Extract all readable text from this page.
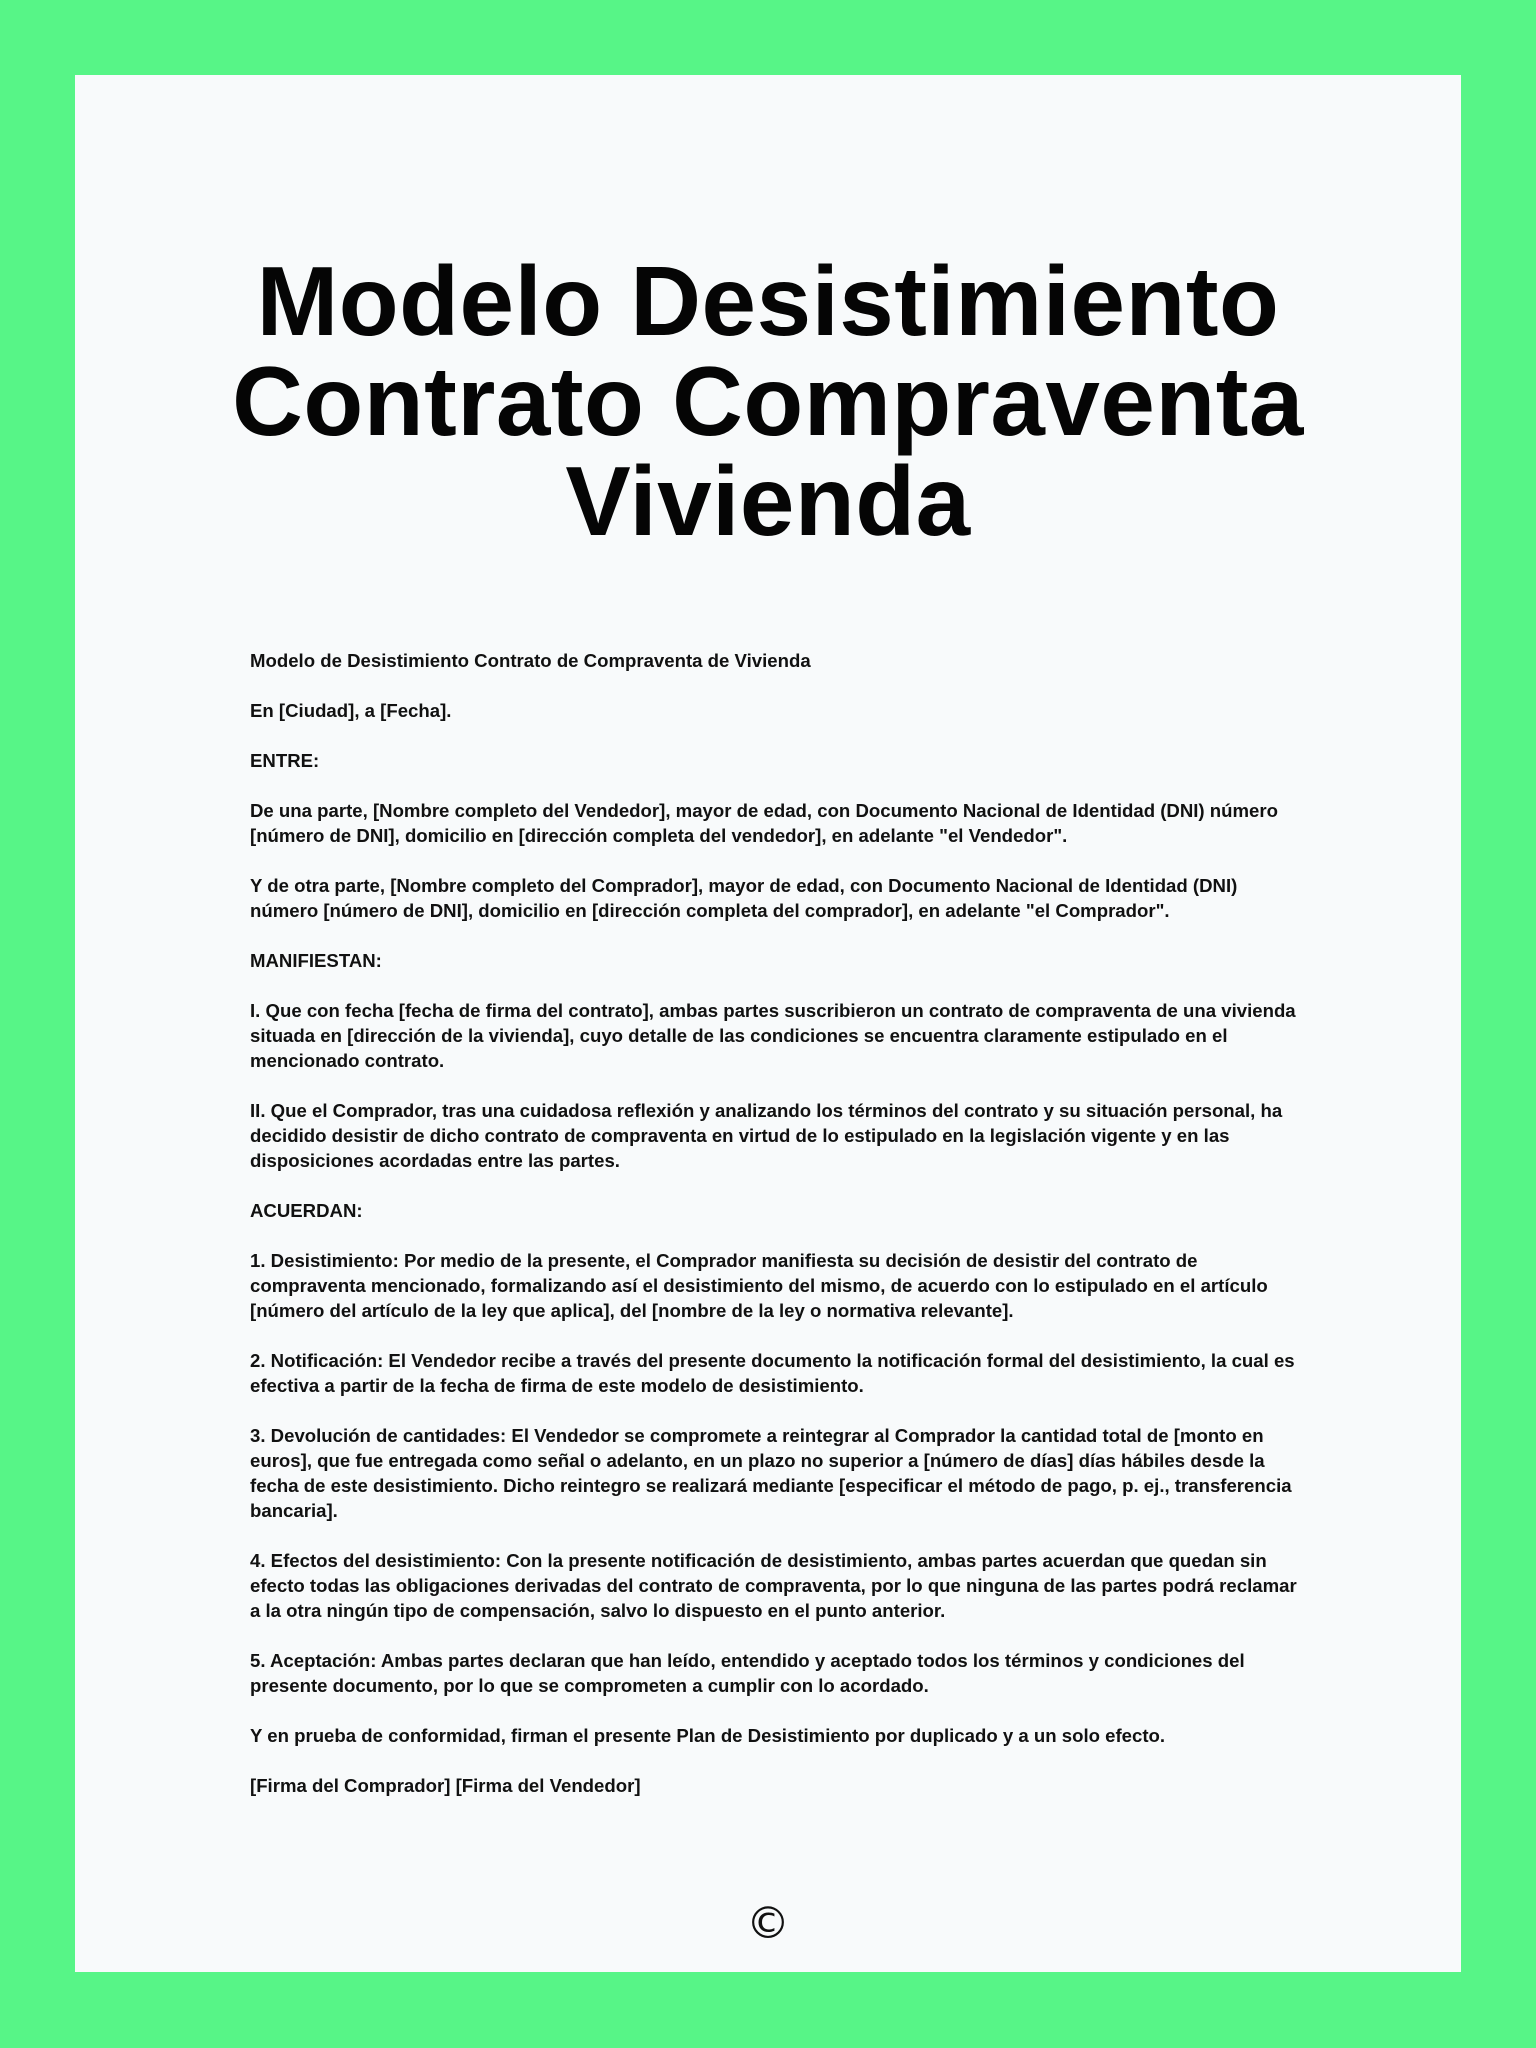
Modelo Desistimiento
Contrato Compraventa
Vivienda

Modelo de Desistimiento Contrato de Compraventa de Vivienda

En [Ciudad], a [Fecha].

ENTRE:

De una parte, [Nombre completo del Vendedor], mayor de edad, con Documento Nacional de Identidad (DNI) número [número de DNI], domicilio en [dirección completa del vendedor], en adelante "el Vendedor".

Y de otra parte, [Nombre completo del Comprador], mayor de edad, con Documento Nacional de Identidad (DNI) número [número de DNI], domicilio en [dirección completa del comprador], en adelante "el Comprador".

MANIFIESTAN:

I. Que con fecha [fecha de firma del contrato], ambas partes suscribieron un contrato de compraventa de una vivienda situada en [dirección de la vivienda], cuyo detalle de las condiciones se encuentra claramente estipulado en el mencionado contrato.

II. Que el Comprador, tras una cuidadosa reflexión y analizando los términos del contrato y su situación personal, ha decidido desistir de dicho contrato de compraventa en virtud de lo estipulado en la legislación vigente y en las disposiciones acordadas entre las partes.

ACUERDAN:

1. Desistimiento: Por medio de la presente, el Comprador manifiesta su decisión de desistir del contrato de compraventa mencionado, formalizando así el desistimiento del mismo, de acuerdo con lo estipulado en el artículo [número del artículo de la ley que aplica], del [nombre de la ley o normativa relevante].

2. Notificación: El Vendedor recibe a través del presente documento la notificación formal del desistimiento, la cual es efectiva a partir de la fecha de firma de este modelo de desistimiento.

3. Devolución de cantidades: El Vendedor se compromete a reintegrar al Comprador la cantidad total de [monto en euros], que fue entregada como señal o adelanto, en un plazo no superior a [número de días] días hábiles desde la fecha de este desistimiento. Dicho reintegro se realizará mediante [especificar el método de pago, p. ej., transferencia bancaria].

4. Efectos del desistimiento: Con la presente notificación de desistimiento, ambas partes acuerdan que quedan sin efecto todas las obligaciones derivadas del contrato de compraventa, por lo que ninguna de las partes podrá reclamar a la otra ningún tipo de compensación, salvo lo dispuesto en el punto anterior.

5. Aceptación: Ambas partes declaran que han leído, entendido y aceptado todos los términos y condiciones del presente documento, por lo que se comprometen a cumplir con lo acordado.

Y en prueba de conformidad, firman el presente Plan de Desistimiento por duplicado y a un solo efecto.

[Firma del Comprador] [Firma del Vendedor]

©
